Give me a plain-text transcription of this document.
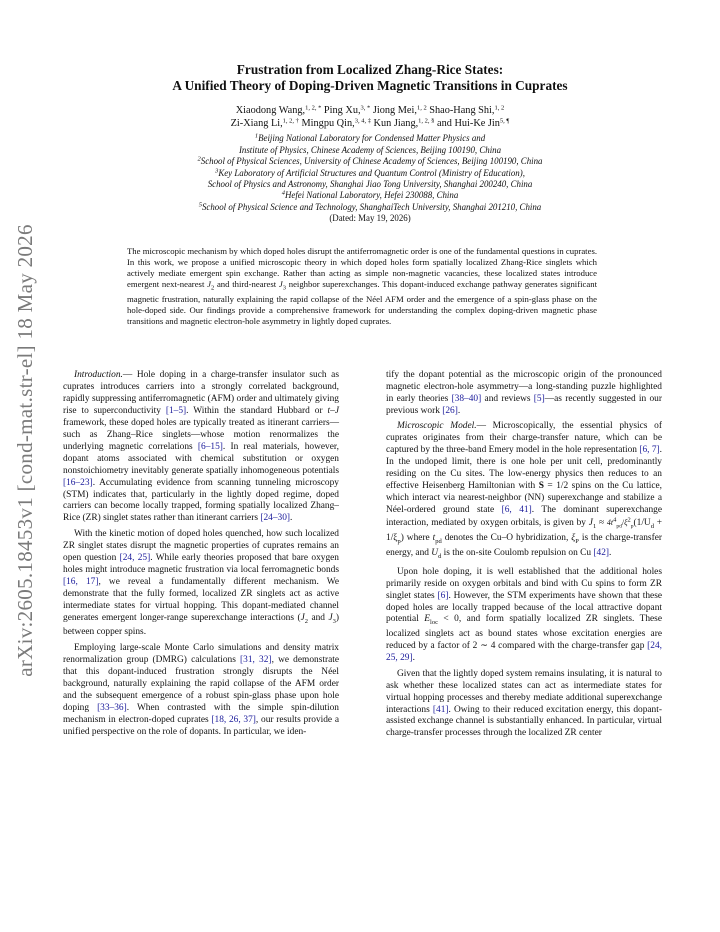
arXiv:2605.18453v1 [cond-mat.str-el] 18 May 2026
Frustration from Localized Zhang-Rice States:
A Unified Theory of Doping-Driven Magnetic Transitions in Cuprates
Xiaodong Wang,$^{1, 2, *}$ Ping Xu,$^{3, *}$ Jiong Mei,$^{1, 2}$ Shao-Hang Shi,$^{1, 2}$
Zi-Xiang Li,$^{1, 2, \dagger}$ Mingpu Qin,$^{3, 4, \ddagger}$ Kun Jiang,$^{1, 2, \S}$ and Hui-Ke Jin$^{5, \P}$
$^1$Beijing National Laboratory for Condensed Matter Physics and
Institute of Physics, Chinese Academy of Sciences, Beijing 100190, China
$^2$School of Physical Sciences, University of Chinese Academy of Sciences, Beijing 100190, China
$^3$Key Laboratory of Artificial Structures and Quantum Control (Ministry of Education),
School of Physics and Astronomy, Shanghai Jiao Tong University, Shanghai 200240, China
$^4$Hefei National Laboratory, Hefei 230088, China
$^5$School of Physical Science and Technology, ShanghaiTech University, Shanghai 201210, China
(Dated: May 19, 2026)
The microscopic mechanism by which doped holes disrupt the antiferromagnetic order is one of the fundamental questions in cuprates. In this work, we propose a unified microscopic theory in which doped holes form spatially localized Zhang-Rice singlets which actively mediate emergent spin exchange. Rather than acting as simple non-magnetic vacancies, these localized states introduce emergent next-nearest $J_2$ and third-nearest $J_3$ neighbor superexchanges. This dopant-induced exchange pathway generates significant magnetic frustration, naturally explaining the rapid collapse of the Néel AFM order and the emergence of a spin-glass phase on the hole-doped side. Our findings provide a comprehensive framework for understanding the complex doping-driven magnetic phase transitions and magnetic electron-hole asymmetry in lightly doped cuprates.

Introduction.— Hole doping in a charge-transfer insulator such as cuprates introduces carriers into a strongly correlated background, rapidly suppressing antiferromagnetic (AFM) order and ultimately giving rise to superconductivity [1–5]. Within the standard Hubbard or t–J framework, these doped holes are typically treated as itinerant carriers—such as Zhang–Rice singlets—whose motion renormalizes the underlying magnetic correlations [6–15]. In real materials, however, dopant atoms associated with chemical substitution or oxygen nonstoichiometry inevitably generate spatially inhomogeneous potentials [16–23]. Accumulating evidence from scanning tunneling microscopy (STM) indicates that, particularly in the lightly doped regime, doped carriers can become locally trapped, forming spatially localized Zhang–Rice (ZR) singlet states rather than itinerant carriers [24–30].

With the kinetic motion of doped holes quenched, how such localized ZR singlet states disrupt the magnetic properties of cuprates remains an open question [24, 25]. While early theories proposed that bare oxygen holes might introduce magnetic frustration via local ferromagnetic bonds [16, 17], we reveal a fundamentally different mechanism. We demonstrate that the fully formed, localized ZR singlets act as active intermediate states for virtual hopping. This dopant-mediated channel generates emergent longer-range superexchange interactions ($J_2$ and $J_3$) between copper spins.

Employing large-scale Monte Carlo simulations and density matrix renormalization group (DMRG) calculations [31, 32], we demonstrate that this dopant-induced frustration strongly disrupts the Néel background, naturally explaining the rapid collapse of the AFM order and the subsequent emergence of a robust spin-glass phase upon hole doping [33–36]. When contrasted with the simple spin-dilution mechanism in electron-doped cuprates [18, 26, 37], our results provide a unified perspective on the role of dopants. In particular, we iden-

tify the dopant potential as the microscopic origin of the pronounced magnetic electron-hole asymmetry—a long-standing puzzle highlighted in early theories [38–40] and reviews [5]—as recently suggested in our previous work [26].

Microscopic Model.— Microscopically, the essential physics of cuprates originates from their charge-transfer nature, which can be captured by the three-band Emery model in the hole representation [6, 7]. In the undoped limit, there is one hole per unit cell, predominantly residing on the Cu sites. The low-energy physics then reduces to an effective Heisenberg Hamiltonian with S = 1/2 spins on the Cu lattice, which interact via nearest-neighbor (NN) superexchange and stabilize a Néel-ordered ground state [6, 41]. The dominant superexchange interaction, mediated by oxygen orbitals, is given by $J_1 \approx 4t^4_{pd}/\xi^2_p(1/U_d + 1/\xi_p)$ where $t_{pd}$ denotes the Cu–O hybridization, $\xi_P$ is the charge-transfer energy, and $U_d$ is the on-site Coulomb repulsion on Cu [42].

Upon hole doping, it is well established that the additional holes primarily reside on oxygen orbitals and bind with Cu spins to form ZR singlet states [6]. However, the STM experiments have shown that these doped holes are locally trapped because of the local attractive dopant potential $E_{loc} < 0$, and form spatially localized ZR singlets. These localized singlets act as bound states whose excitation energies are reduced by a factor of 2 ∼ 4 compared with the charge-transfer gap [24, 25, 29].

Given that the lightly doped system remains insulating, it is natural to ask whether these localized states can act as intermediate states for virtual hopping processes and thereby mediate additional superexchange interactions [41]. Owing to their reduced excitation energy, this dopant-assisted exchange channel is substantially enhanced. In particular, virtual charge-transfer processes through the localized ZR center
